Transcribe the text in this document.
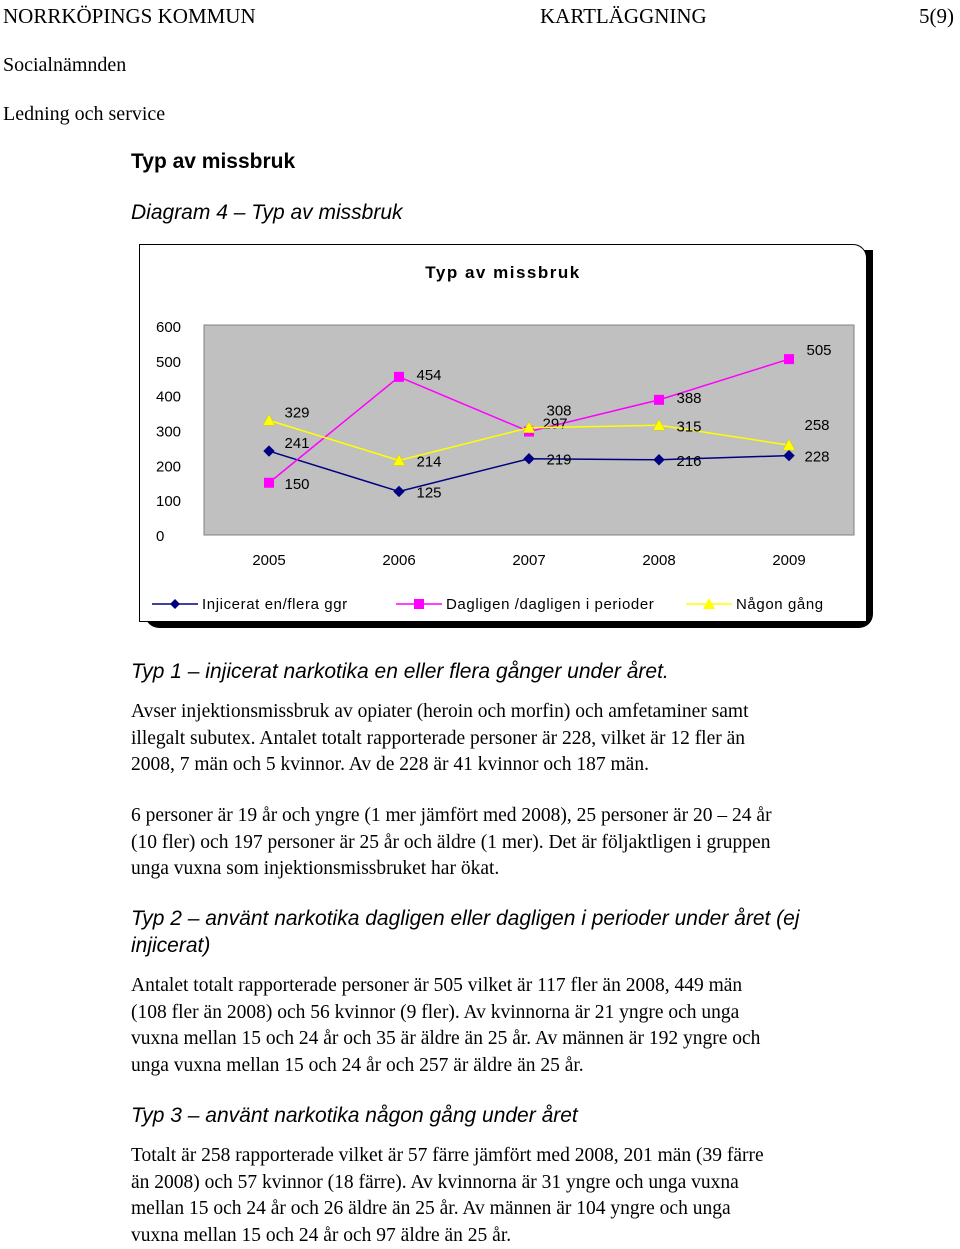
NORRKÖPINGS KOMMUN	KARTLÄGGNING	5(9)
Socialnämnden
Ledning och service
Typ av missbruk
Diagram 4 – Typ av missbruk
Typ av missbruk
0
100
200
300
400
500
600
2005	2006	2007	2008	2009
241
125
219	216	228
150
454
297
388
505
329
214
308
315	258
Injicerat en/flera ggr	Dagligen /dagligen i perioder	Någon gång
Typ 1 – injicerat narkotika en eller flera gånger under året.

Avser injektionsmissbruk av opiater (heroin och morfin) och amfetaminer samt

illegalt subutex. Antalet totalt rapporterade personer är 228, vilket är 12 fler än

2008, 7 män och 5 kvinnor. Av de 228 är 41 kvinnor och 187 män.

6 personer är 19 år och yngre (1 mer jämfört med 2008), 25 personer är 20 – 24 år

(10 fler) och 197 personer är 25 år och äldre (1 mer). Det är följaktligen i gruppen

unga vuxna som injektionsmissbruket har ökat.

Typ 2 – använt narkotika dagligen eller dagligen i perioder under året (ej
injicerat)

Antalet totalt rapporterade personer är 505 vilket är 117 fler än 2008, 449 män

(108 fler än 2008) och 56 kvinnor (9 fler). Av kvinnorna är 21 yngre och unga

vuxna mellan 15 och 24 år och 35 är äldre än 25 år. Av männen är 192 yngre och

unga vuxna mellan 15 och 24 år och 257 är äldre än 25 år.

Typ 3 – använt narkotika någon gång under året

Totalt är 258 rapporterade vilket är 57 färre jämfört med 2008, 201 män (39 färre

än 2008) och 57 kvinnor (18 färre). Av kvinnorna är 31 yngre och unga vuxna

mellan 15 och 24 år och 26 äldre än 25 år. Av männen är 104 yngre och unga

vuxna mellan 15 och 24 år och 97 äldre än 25 år.
